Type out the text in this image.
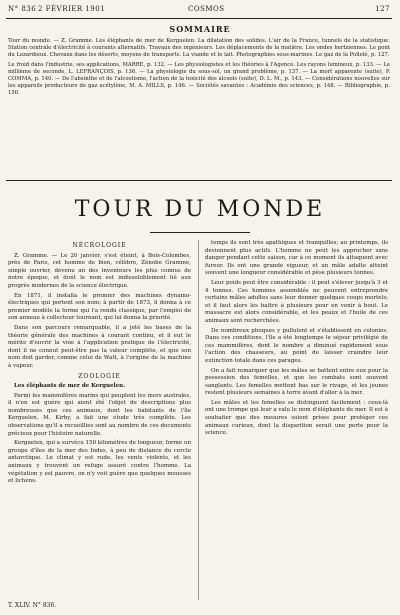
N° 836 2 FÉVRIER 1901	COSMOS	127
SOMMAIRE

Tour du monde. — Z. Gramme. Les éléphants de mer de Kerguelen. La dilatation des solides. L'air de la France, tunnels de la statistique. Station centrale d'électricité à courants alternatifs. Travaux des ingénieurs. Les déplacements de la matière. Les ondes hertziennes. Le pont du Lezardieux. Chevaux dans les déserts, moyens de transports. La viande et le lait. Photographies sous-marines. Le gaz de la Pollelé, p. 127.

Le froid dans l'industrie, ses applications, MARRE, p. 132. — Les physiologistes et les théories à l'Agence. Les rayons lumineux, p. 133. — Le millième de seconde, L. LEFRANÇOIS, p. 136. — La physiologie du sous-sol, un grand problème, p. 137. — La mort apparente (suite), P. COMMA, p. 140. — De l'absinthe et de l'alcoolisme, l'action de la toxicité des alcools (suite), D. L. M., p. 143. — Considérations nouvelles sur les appareils producteurs de gaz acétylène, M. A. MILLS, p. 146. — Sociétés savantes : Académie des sciences, p. 148. — Bibliographie, p. 150.

TOUR DU MONDE
NÉCROLOGIE

Z. Gramme. — Le 20 janvier, s'est éteint, à Bois-Colombes, près de Paris, cet homme de bien, célèbre, Zénobe Gramme, simple ouvrier, devenu un des inventeurs les plus connus de notre époque, et dont le nom est indissolublement lié aux progrès modernes de la science électrique.

En 1871, il installa le premier des machines dynamo-électriques qui portent son nom; à partir de 1873, il donna à ce premier modèle la forme qui l'a rendu classique, par l'emploi de son anneau à collecteur tournant, qui lui donna la priorité.

Dans son parcours remarquable, il a jeté les bases de la théorie générale des machines à courant continu, et il eut le mérite d'ouvrir la voie à l'application pratique de l'électricité, dont il ne connut peut-être pas la valeur complète, et que son nom doit garder, comme celui de Watt, à l'origine de la machine à vapeur.

ZOOLOGIE

Les éléphants de mer de Kerguelen.

Parmi les mammifères marins qui peuplent les mers australes, il n'en est guère qui aient été l'objet de descriptions plus nombreuses que ces animaux, dont les habitants de l'île Kerguelen, M. Kirby, a fait une étude très complète. Les observations qu'il a recueillies sont au nombre de ces documents précieux pour l'histoire naturelle.

Kerguelen, qui a survécu 150 kilomètres de longueur, forme un groupe d'îles de la mer des Indes, à peu de distance du cercle antarctique. Le climat y est rude, les vents violents, et les animaux y trouvent un refuge assuré contre l'homme. La végétation y est pauvre, on n'y voit guère que quelques mousses et lichens.

temps ils sont très apathiques et tranquilles; au printemps, ils deviennent plus actifs. L'homme ne peut les approcher sans danger pendant cette saison, car à ce moment ils attaquent avec fureur. Ils ont une grande vigueur, et un mâle adulte atteint souvent une longueur considérable et pèse plusieurs tonnes.

Leur poids peut être considérable : il peut s'élever jusqu'à 3 et 4 tonnes. Ces hommes assemblés ne peuvent entreprendre certains mâles adultes sans leur donner quelques coups mortels; et il faut alors les battre à plusieurs pour en venir à bout. Le massacre est alors considérable, et les peaux et l'huile de ces animaux sont recherchées.

De nombreux phoques y pullulent et s'établissent en colonies. Dans ces conditions, l'île a été longtemps le séjour privilégié de ces mammifères, dont le nombre a diminué rapidement sous l'action des chasseurs, au point de laisser craindre leur extinction totale dans ces parages.

On a fait remarquer que les mâles se battent entre eux pour la possession des femelles, et que les combats sont souvent sanglants. Les femelles mettent bas sur le rivage, et les jeunes restent plusieurs semaines à terre avant d'aller à la mer.

Les mâles et les femelles se distinguent facilement : ceux-là ont une trompe qui leur a valu le nom d'éléphants de mer. Il est à souhaiter que des mesures soient prises pour protéger ces animaux curieux, dont la disparition serait une perte pour la science.

T. XLIV. N° 836.
